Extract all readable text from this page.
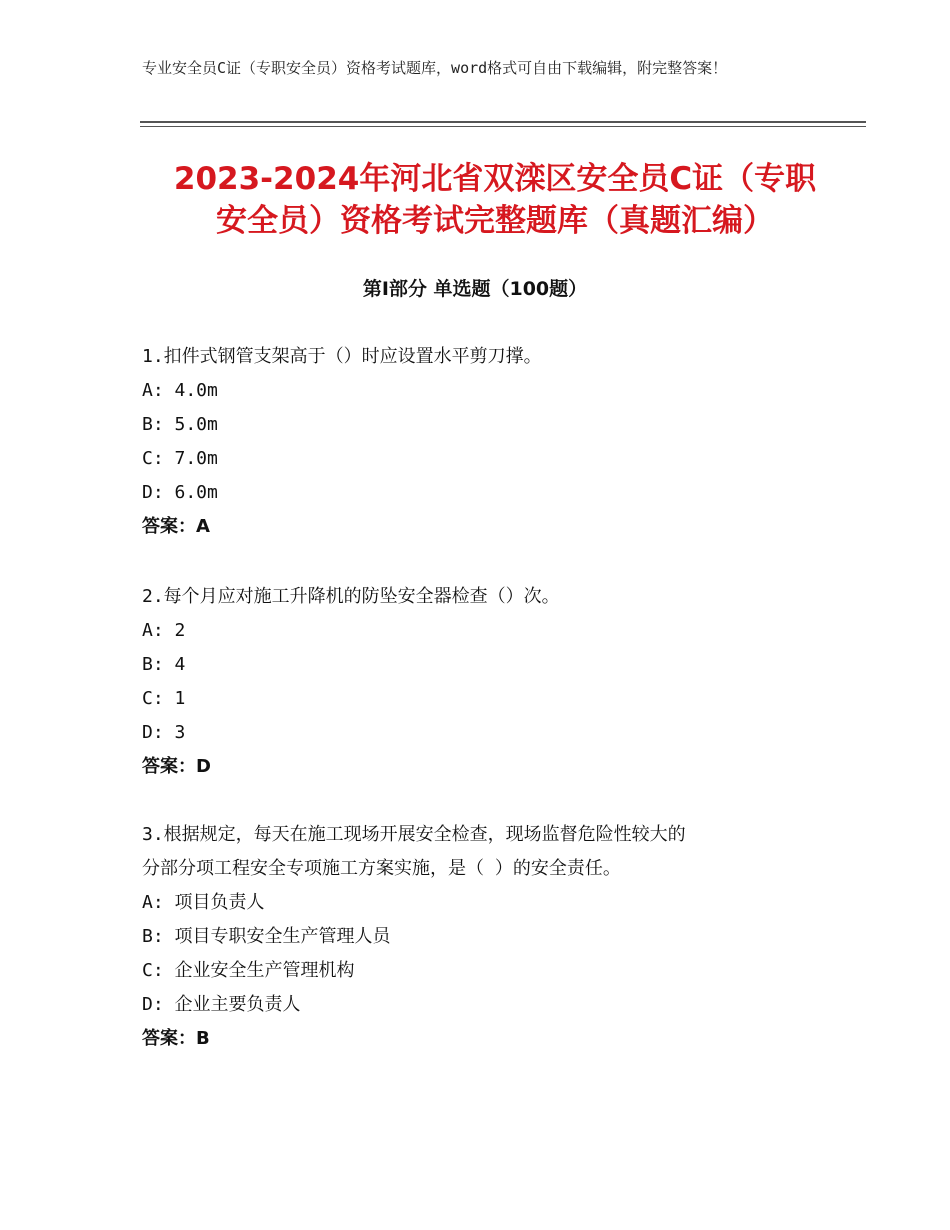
专业安全员C证（专职安全员）资格考试题库，word格式可自由下载编辑，附完整答案！
2023-2024年河北省双滦区安全员C证（专职
安全员）资格考试完整题库（真题汇编）
第Ⅰ部分 单选题（100题）
1.扣件式钢管支架高于（）时应设置水平剪刀撑。
A: 4.0m
B: 5.0m
C: 7.0m
D: 6.0m
答案：A
2.每个月应对施工升降机的防坠安全器检查（）次。
A: 2
B: 4
C: 1
D: 3
答案：D
3.根据规定，每天在施工现场开展安全检查，现场监督危险性较大的
分部分项工程安全专项施工方案实施，是（ ）的安全责任。
A: 项目负责人
B: 项目专职安全生产管理人员
C: 企业安全生产管理机构
D: 企业主要负责人
答案：B
